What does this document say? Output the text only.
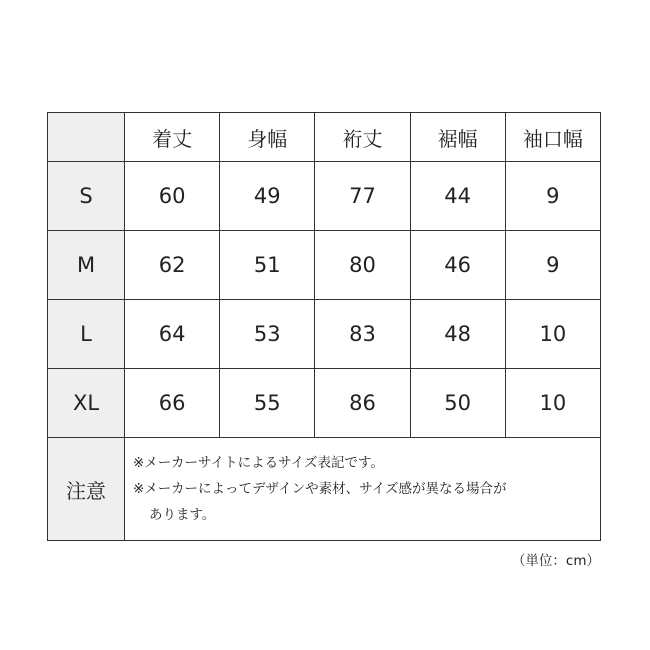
	着丈	身幅	裄丈	裾幅	袖口幅
S	60	49	77	44	9
M	62	51	80	46	9
L	64	53	83	48	10
XL	66	55	86	50	10
注意	※メーカーサイトによるサイズ表記です。
※メーカーによってデザインや素材、サイズ感が異なる場合が
あります。				
（単位：cm）
